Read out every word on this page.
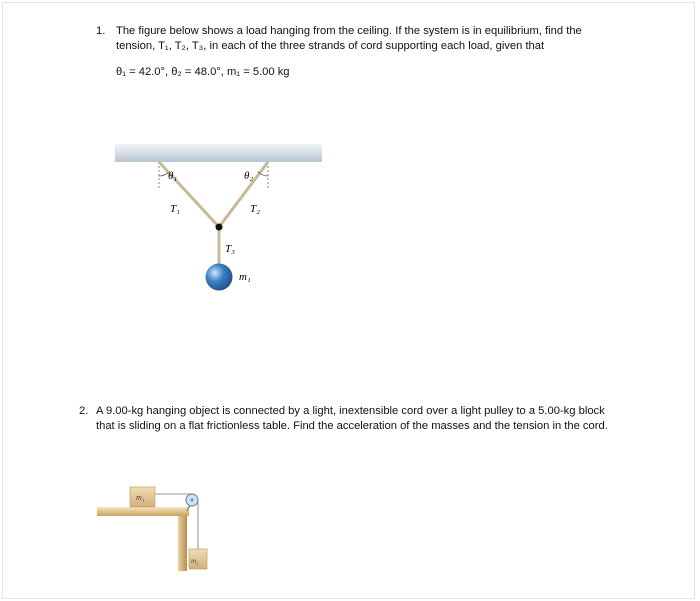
1. The figure below shows a load hanging from the ceiling. If the system is in equilibrium, find the tension, T₁, T₂, T₃, in each of the three strands of cord supporting each load, given that
θ₁ = 42.0°, θ₂ = 48.0°, m₁ = 5.00 kg
θ₁	θ₂
T₁	T₂
T₃
m₁
2. A 9.00-kg hanging object is connected by a light, inextensible cord over a light pulley to a 5.00-kg block that is sliding on a flat frictionless table. Find the acceleration of the masses and the tension in the cord.
m₁
m₂
